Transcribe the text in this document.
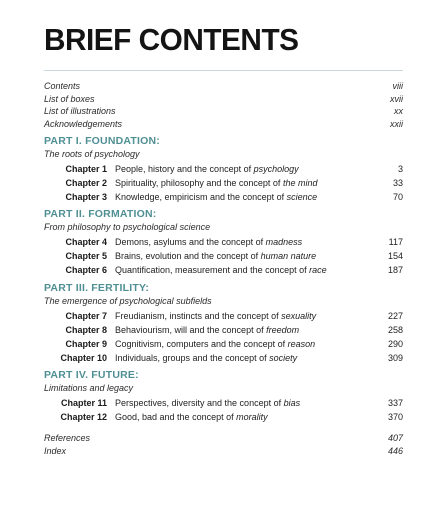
BRIEF CONTENTS
Contents	viii
List of boxes	xvii
List of illustrations	xx
Acknowledgements	xxii
PART I. FOUNDATION:
The roots of psychology
Chapter 1 People, history and the concept of psychology	3
Chapter 2 Spirituality, philosophy and the concept of the mind	33
Chapter 3 Knowledge, empiricism and the concept of science	70
PART II. FORMATION:
From philosophy to psychological science
Chapter 4 Demons, asylums and the concept of madness	117
Chapter 5 Brains, evolution and the concept of human nature	154
Chapter 6 Quantification, measurement and the concept of race	187
PART III. FERTILITY:
The emergence of psychological subfields
Chapter 7 Freudianism, instincts and the concept of sexuality	227
Chapter 8 Behaviourism, will and the concept of freedom	258
Chapter 9 Cognitivism, computers and the concept of reason	290
Chapter 10 Individuals, groups and the concept of society	309
PART IV. FUTURE:
Limitations and legacy
Chapter 11 Perspectives, diversity and the concept of bias	337
Chapter 12 Good, bad and the concept of morality	370
References	407
Index	446
